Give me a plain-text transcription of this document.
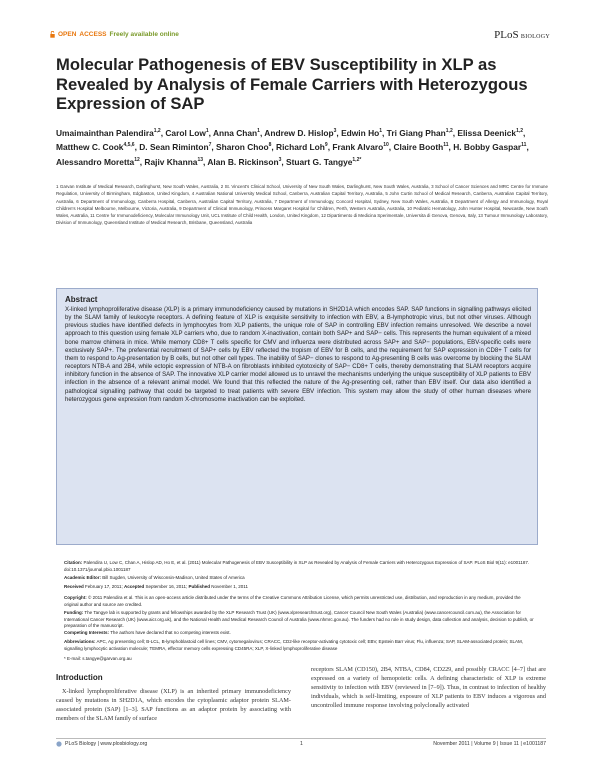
OPEN ACCESS Freely available online	PLoS BIOLOGY
Molecular Pathogenesis of EBV Susceptibility in XLP as Revealed by Analysis of Female Carriers with Heterozygous Expression of SAP
Umaimainthan Palendira$^{1,2}$, Carol Low$^1$, Anna Chan$^1$, Andrew D. Hislop$^3$, Edwin Ho$^1$, Tri Giang Phan$^{1,2}$, Elissa Deenick$^{1,2}$, Matthew C. Cook$^{4,5,6}$, D. Sean Riminton$^7$, Sharon Choo$^8$, Richard Loh$^9$, Frank Alvaro$^{10}$, Claire Booth$^{11}$, H. Bobby Gaspar$^{11}$, Alessandro Moretta$^{12}$, Rajiv Khanna$^{13}$, Alan B. Rickinson$^3$, Stuart G. Tangye$^{1,2*}$
1 Garvan Institute of Medical Research, Darlinghurst, New South Wales, Australia, 2 St. Vincent's Clinical School, University of New South Wales, Darlinghurst, New South Wales, Australia, 3 School of Cancer Sciences and MRC Centre for Immune Regulation, University of Birmingham, Edgbaston, United Kingdom, 4 Australian National University Medical School, Canberra, Australian Capital Territory, Australia, 5 John Curtin School of Medical Research, Canberra, Australian Capital Territory, Australia, 6 Department of Immunology, Canberra Hospital, Canberra, Australian Capital Territory, Australia, 7 Department of Immunology, Concord Hospital, Sydney, New South Wales, Australia, 8 Department of Allergy and Immunology, Royal Children's Hospital Melbourne, Melbourne, Victoria, Australia, 9 Department of Clinical Immunology, Princess Margaret Hospital for Children, Perth, Western Australia, Australia, 10 Pediatric Hematology, John Hunter Hospital, Newcastle, New South Wales, Australia, 11 Centre for Immunodeficiency, Molecular Immunology Unit, UCL Institute of Child Health, London, United Kingdom, 12 Dipartimento di Medicina Sperimentale, Universita di Genova, Genova, Italy, 13 Tumour Immunology Laboratory, Division of Immunology, Queensland Institute of Medical Research, Brisbane, Queensland, Australia
Abstract

X-linked lymphoproliferative disease (XLP) is a primary immunodeficiency caused by mutations in SH2D1A which encodes SAP. SAP functions in signalling pathways elicited by the SLAM family of leukocyte receptors. A defining feature of XLP is exquisite sensitivity to infection with EBV, a B-lymphotropic virus, but not other viruses. Although previous studies have identified defects in lymphocytes from XLP patients, the unique role of SAP in controlling EBV infection remains unresolved. We describe a novel approach to this question using female XLP carriers who, due to random X-inactivation, contain both SAP+ and SAP− cells. This represents the human equivalent of a mixed bone marrow chimera in mice. While memory CD8+ T cells specific for CMV and influenza were distributed across SAP+ and SAP− populations, EBV-specific cells were exclusively SAP+. The preferential recruitment of SAP+ cells by EBV reflected the tropism of EBV for B cells, and the requirement for SAP expression in CD8+ T cells for them to respond to Ag-presentation by B cells, but not other cell types. The inability of SAP− clones to respond to Ag-presenting B cells was overcome by blocking the SLAM receptors NTB-A and 2B4, while ectopic expression of NTB-A on fibroblasts inhibited cytotoxicity of SAP− CD8+ T cells, thereby demonstrating that SLAM receptors acquire inhibitory function in the absence of SAP. The innovative XLP carrier model allowed us to unravel the mechanisms underlying the unique susceptibility of XLP patients to EBV infection in the absence of a relevant animal model. We found that this reflected the nature of the Ag-presenting cell, rather than EBV itself. Our data also identified a pathological signalling pathway that could be targeted to treat patients with severe EBV infection. This system may allow the study of other human diseases where heterozygous gene expression from random X-chromosome inactivation can be exploited.

Citation: Palendira U, Low C, Chan A, Hislop AD, Ho E, et al. (2011) Molecular Pathogenesis of EBV Susceptibility in XLP as Revealed by Analysis of Female Carriers with Heterozygous Expression of SAP. PLoS Biol 9(11): e1001187. doi:10.1371/journal.pbio.1001187
Academic Editor: Bill Sugden, University of Wisconsin-Madison, United States of America
Received February 17, 2011; Accepted September 16, 2011; Published November 1, 2011
Copyright: © 2011 Palendira et al. This is an open-access article distributed under the terms of the Creative Commons Attribution License, which permits unrestricted use, distribution, and reproduction in any medium, provided the original author and source are credited.
Funding: The Tangye lab is supported by grants and fellowships awarded by the XLP Research Trust (UK) (www.xlpresearchtrust.org), Cancer Council New South Wales (Australia) (www.cancercouncil.com.au), the Association for International Cancer Research (UK) (www.aicr.org.uk), and the National Health and Medical Research Council of Australia (www.nhmrc.gov.au). The funders had no role in study design, data collection and analysis, decision to publish, or preparation of the manuscript.
Competing Interests: The authors have declared that no competing interests exist.
Abbreviations: APC, Ag presenting cell; B-LCL, B-lymphoblastoid cell lines; CMV, cytomegalovirus; CRACC, CD2-like receptor-activating cytotoxic cell; EBV, Epstein Barr virus; Flu, influenza; SAP, SLAM-associated protein; SLAM, signalling lymphocytic activation molecule; TEMRA, effector memory cells expressing CD45RA; XLP, X-linked lymphoproliferative disease
* E-mail: s.tangye@garvan.org.au
Introduction

X-linked lymphoproliferative disease (XLP) is an inherited primary immunodeficiency caused by mutations in SH2D1A, which encodes the cytoplasmic adaptor protein SLAM-associated protein (SAP) [1–3]. SAP functions as an adaptor protein by associating with members of the SLAM family of surface

receptors SLAM (CD150), 2B4, NTBA, CD84, CD229, and possibly CRACC [4–7] that are expressed on a variety of hemopoietic cells. A defining characteristic of XLP is extreme sensitivity to infection with EBV (reviewed in [7–9]). Thus, in contrast to infection of healthy individuals, which is self-limiting, exposure of XLP patients to EBV induces a vigorous and uncontrolled immune response involving polyclonally activated

PLoS Biology | www.plosbiology.org	1	November 2011 | Volume 9 | Issue 11 | e1001187
